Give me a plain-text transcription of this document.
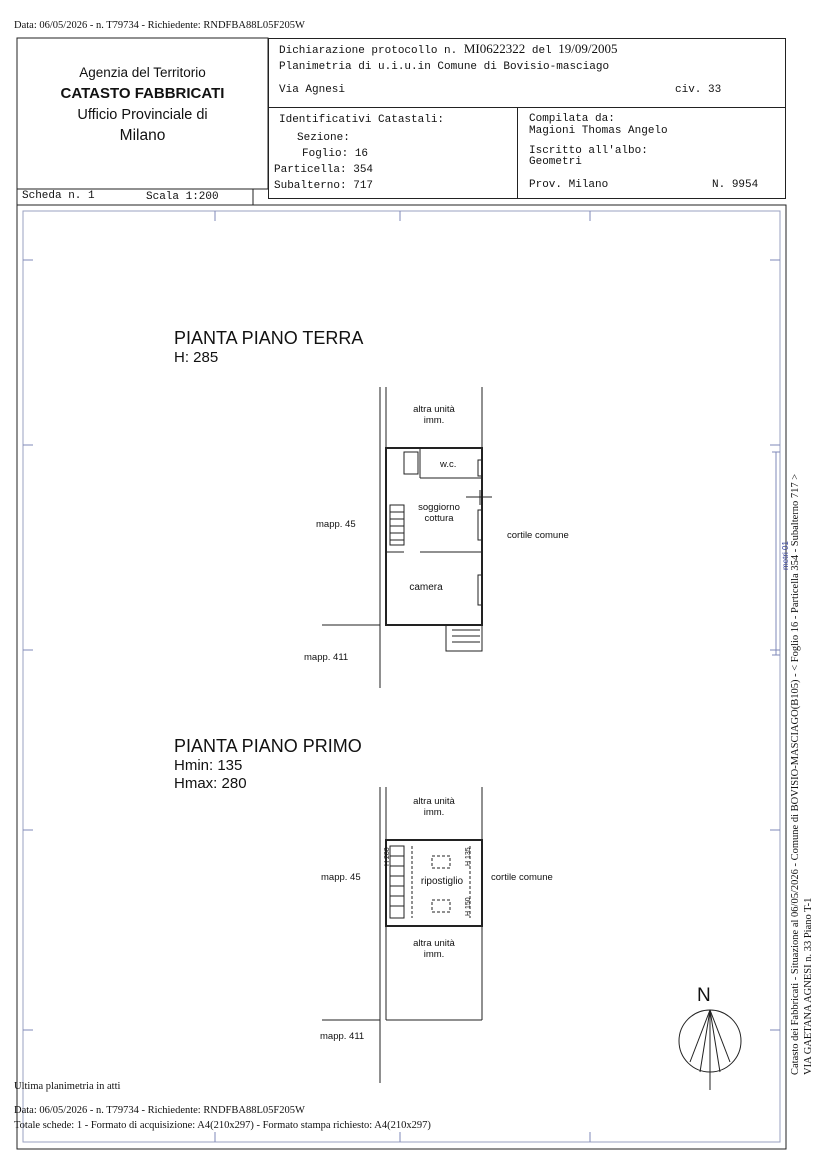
Data: 06/05/2026 - n. T79734 - Richiedente: RNDFBA88L05F205W
Agenzia del Territorio
CATASTO FABBRICATI
Ufficio Provinciale di
Milano
Dichiarazione protocollo n. MI0622322 del 19/09/2005
Planimetria di u.i.u.in Comune di Bovisio-masciago
Via Agnesi	civ. 33
Identificativi Catastali:
Sezione:
Foglio: 16
Particella: 354
Subalterno: 717
Compilata da:
Magioni Thomas Angelo
Iscritto all'albo:
Geometri
Prov. Milano	N. 9954
Scheda n. 1	Scala 1:200
PIANTA PIANO TERRA
H: 285
altra unità
imm.
w.c.
soggiorno
cottura
camera
mapp. 45
cortile comune
mapp. 411
PIANTA PIANO PRIMO
Hmin: 135
Hmax: 280
altra unità
imm.
ripostiglio
altra unità
imm.
mapp. 45	cortile comune
mapp. 411
H 280	H 135
H 150
N	Catasto dei Fabbricati - Situazione al 06/05/2026 - Comune di BOVISIO-MASCIAGO(B105) - < Foglio 16 - Particella 354 - Subalterno 717 > VIA GAETANA AGNESI n. 33 Piano T-1
metri 01
Ultima planimetria in atti
Data: 06/05/2026 - n. T79734 - Richiedente: RNDFBA88L05F205W
Totale schede: 1 - Formato di acquisizione: A4(210x297) - Formato stampa richiesto: A4(210x297)
